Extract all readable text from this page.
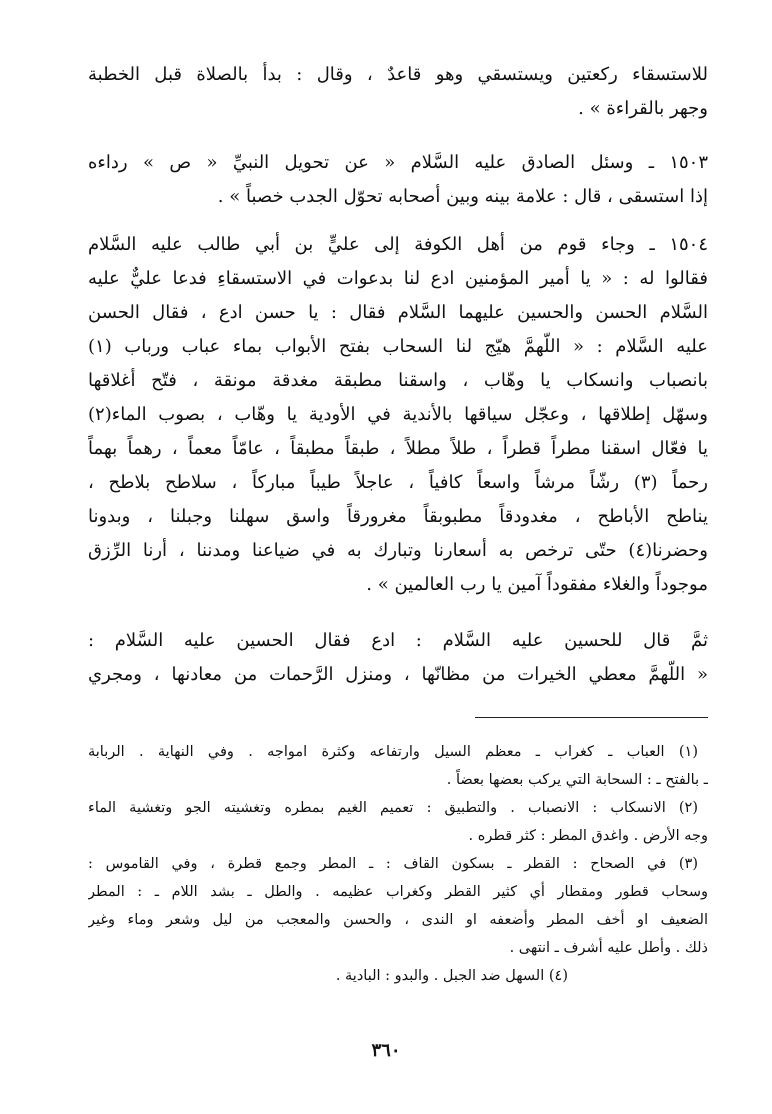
للاستسقاء ركعتين ويستسقي وهو قاعدٌ ، وقال : بدأ بالصلاة قبل الخطبة
وجهر بالقراءة » .
١٥٠٣ ـ وسئل الصادق عليه السَّلام « عن تحويل النبيِّ « ص » رداءه
إذا استسقى ، قال : علامة بينه وبين أصحابه تحوّل الجدب خصباً » .
١٥٠٤ ـ وجاء قوم من أهل الكوفة إلى عليٍّ بن أبي طالب عليه السَّلام
فقالوا له : « يا أمير المؤمنين ادع لنا بدعوات في الاستسقاءِ فدعا عليٌّ عليه
السَّلام الحسن والحسين عليهما السَّلام فقال : يا حسن ادع ، فقال الحسن
عليه السَّلام : « اللّهمَّ هيّج لنا السحاب بفتح الأبواب بماء عباب ورباب (١)
بانصباب وانسكاب يا وهّاب ، واسقنا مطبقة مغدقة مونقة ، فتّح أغلاقها
وسهّل إطلاقها ، وعجّل سياقها بالأندية في الأودية يا وهّاب ، بصوب الماء(٢)
يا فعّال اسقنا مطراً قطراً ، طلاً مطلاً ، طبقاً مطبقاً ، عامّاً معماً ، رهماً بهماً
رحماً (٣) رشّاً مرشاً واسعاً كافياً ، عاجلاً طيباً مباركاً ، سلاطح بلاطح ،
يناطح الأباطح ، مغدودقاً مطبوبقاً مغرورقاً واسق سهلنا وجبلنا ، وبدونا
وحضرنا(٤) حتّى ترخص به أسعارنا وتبارك به في ضياعنا ومدننا ، أرنا الرِّزق
موجوداً والغلاء مفقوداً آمين يا رب العالمين » .
ثمَّ قال للحسين عليه السَّلام : ادع فقال الحسين عليه السَّلام :
« اللّهمَّ معطي الخيرات من مظانّها ، ومنزل الرَّحمات من معادنها ، ومجري
(١) العباب ـ كغراب ـ معظم السيل وارتفاعه وكثرة امواجه . وفي النهاية . الربابة
ـ بالفتح ـ : السحابة التي يركب بعضها بعضاً .
(٢) الانسكاب : الانصباب . والتطبيق : تعميم الغيم بمطره وتغشيته الجو وتغشية الماء
وجه الأرض . واغدق المطر : كثر قطره .
(٣) في الصحاح : القطر ـ بسكون القاف : ـ المطر وجمع قطرة ، وفي القاموس :
وسحاب قطور ومقطار أي كثير القطر وكغراب عظيمه . والطل ـ بشد اللام ـ : المطر
الضعيف او أخف المطر وأضعفه او الندى ، والحسن والمعجب من ليل وشعر وماء وغير
ذلك . وأطل عليه أشرف ـ انتهى .
(٤) السهل ضد الجبل . والبدو : البادية .
٣٦٠
